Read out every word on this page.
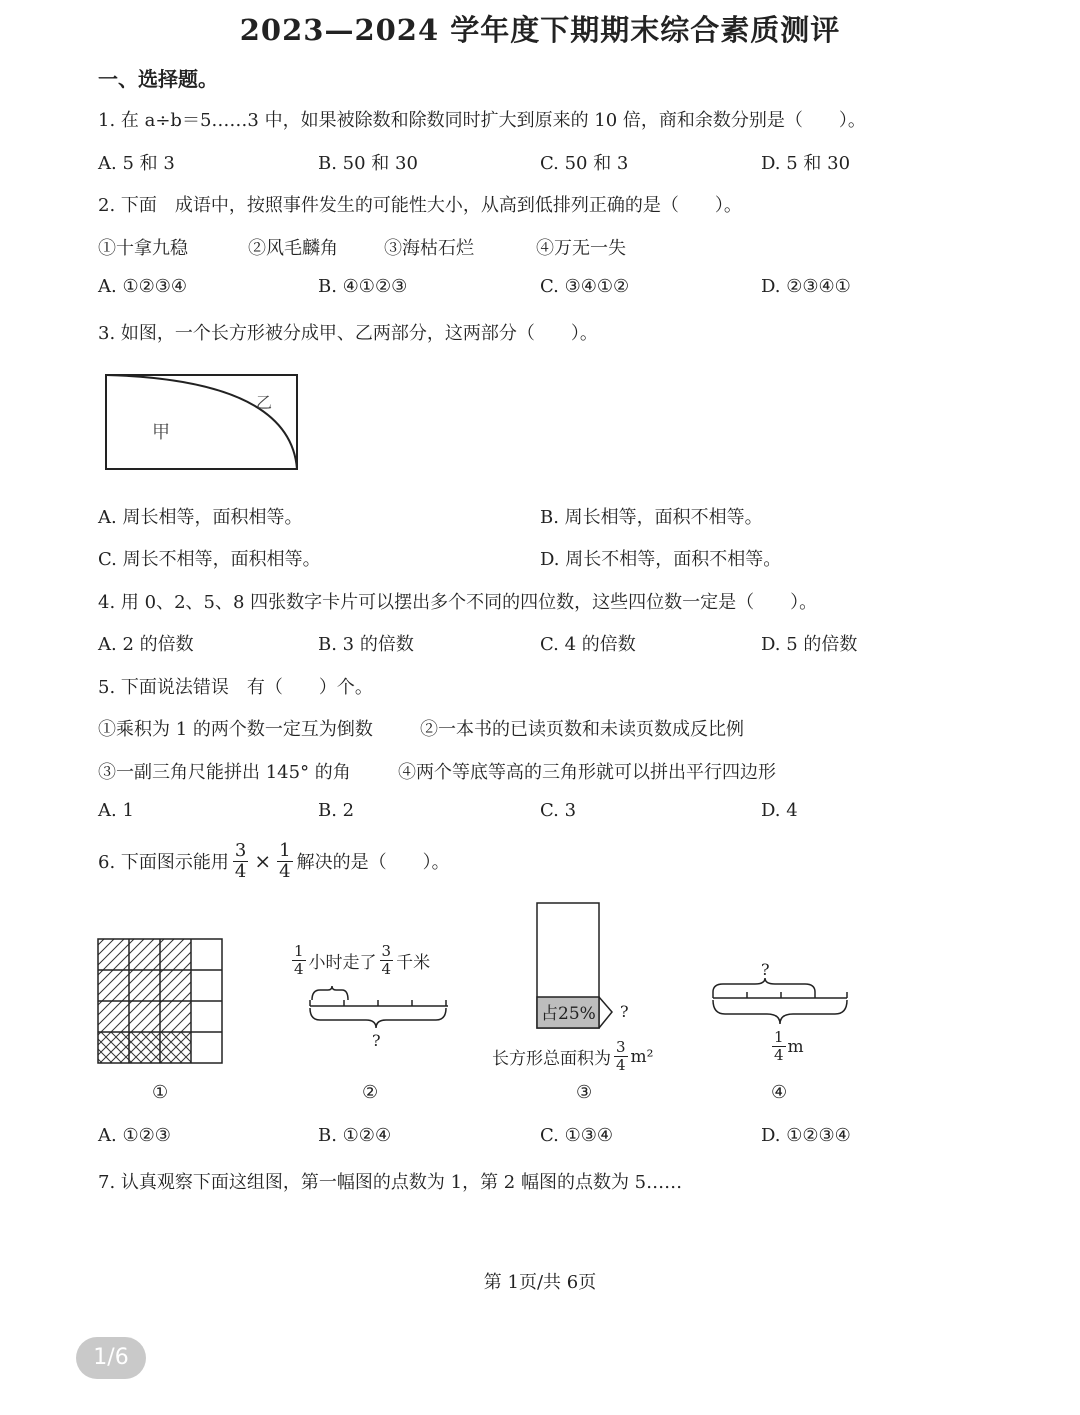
2023—2024 学年度下期期末综合素质测评
一、选择题。
1. 在 a÷b＝5……3 中，如果被除数和除数同时扩大到原来的 10 倍，商和余数分别是（　　）。
A. 5 和 3	B. 50 和 30	C. 50 和 3	D. 5 和 30
2. 下面　成语中，按照事件发生的可能性大小，从高到低排列正确的是（　　）。
①十拿九稳	②风毛麟角	③海枯石烂	④万无一失
A. ①②③④	B. ④①②③	C. ③④①②	D. ②③④①
3. 如图，一个长方形被分成甲、乙两部分，这两部分（　　）。
甲
乙
A. 周长相等，面积相等。	B. 周长相等，面积不相等。
C. 周长不相等，面积相等。	D. 周长不相等，面积不相等。
4. 用 0、2、5、8 四张数字卡片可以摆出多个不同的四位数，这些四位数一定是（　　）。
A. 2 的倍数	B. 3 的倍数	C. 4 的倍数	D. 5 的倍数
5. 下面说法错误　有（　　）个。
①乘积为 1 的两个数一定互为倒数	②一本书的已读页数和未读页数成反比例
③一副三角尺能拼出 145° 的角	④两个等底等高的三角形就可以拼出平行四边形
A. 1	B. 2	C. 3	D. 4
6. 下面图示能用 $\frac{3}{4} \times \frac{1}{4}$ 解决的是（　　）。
$\frac{1}{4}$ 小时走了 $\frac{3}{4}$ 千米
?
占25% ?
长方形总面积为 $\frac{3}{4} m^2$
?
$\frac{1}{4}$ m
①	②	③	④
A. ①②③	B. ①②④	C. ①③④	D. ①②③④
7. 认真观察下面这组图，第一幅图的点数为 1，第 2 幅图的点数为 5……
第 1页/共 6页
1/6
